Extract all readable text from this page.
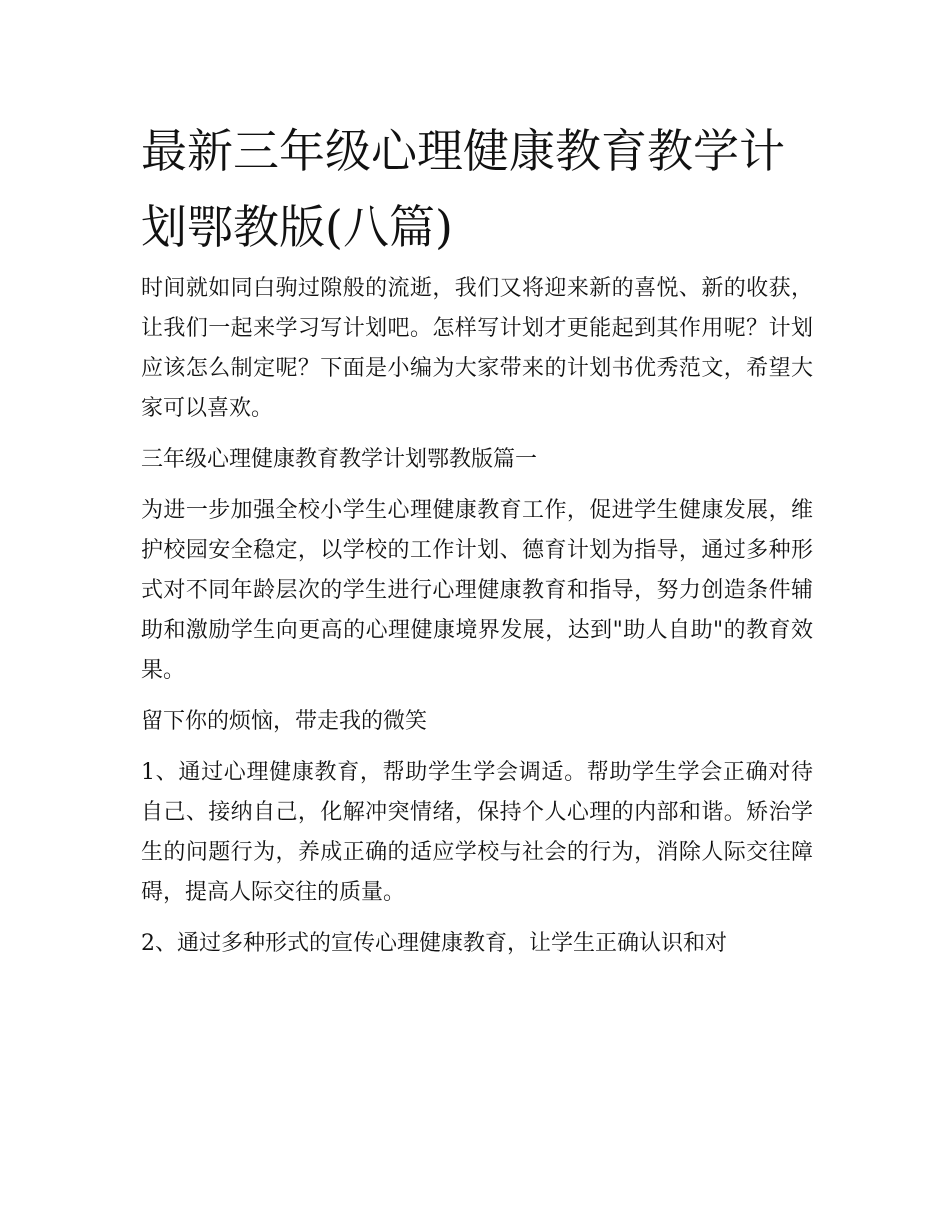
最新三年级心理健康教育教学计划鄂教版(八篇)

时间就如同白驹过隙般的流逝，我们又将迎来新的喜悦、新的收获，让我们一起来学习写计划吧。怎样写计划才更能起到其作用呢？计划应该怎么制定呢？下面是小编为大家带来的计划书优秀范文，希望大家可以喜欢。

三年级心理健康教育教学计划鄂教版篇一

为进一步加强全校小学生心理健康教育工作，促进学生健康发展，维护校园安全稳定，以学校的工作计划、德育计划为指导，通过多种形式对不同年龄层次的学生进行心理健康教育和指导，努力创造条件辅助和激励学生向更高的心理健康境界发展，达到"助人自助"的教育效果。

留下你的烦恼，带走我的微笑

1、通过心理健康教育，帮助学生学会调适。帮助学生学会正确对待自己、接纳自己，化解冲突情绪，保持个人心理的内部和谐。矫治学生的问题行为，养成正确的适应学校与社会的行为，消除人际交往障碍，提高人际交往的质量。

2、通过多种形式的宣传心理健康教育，让学生正确认识和对
